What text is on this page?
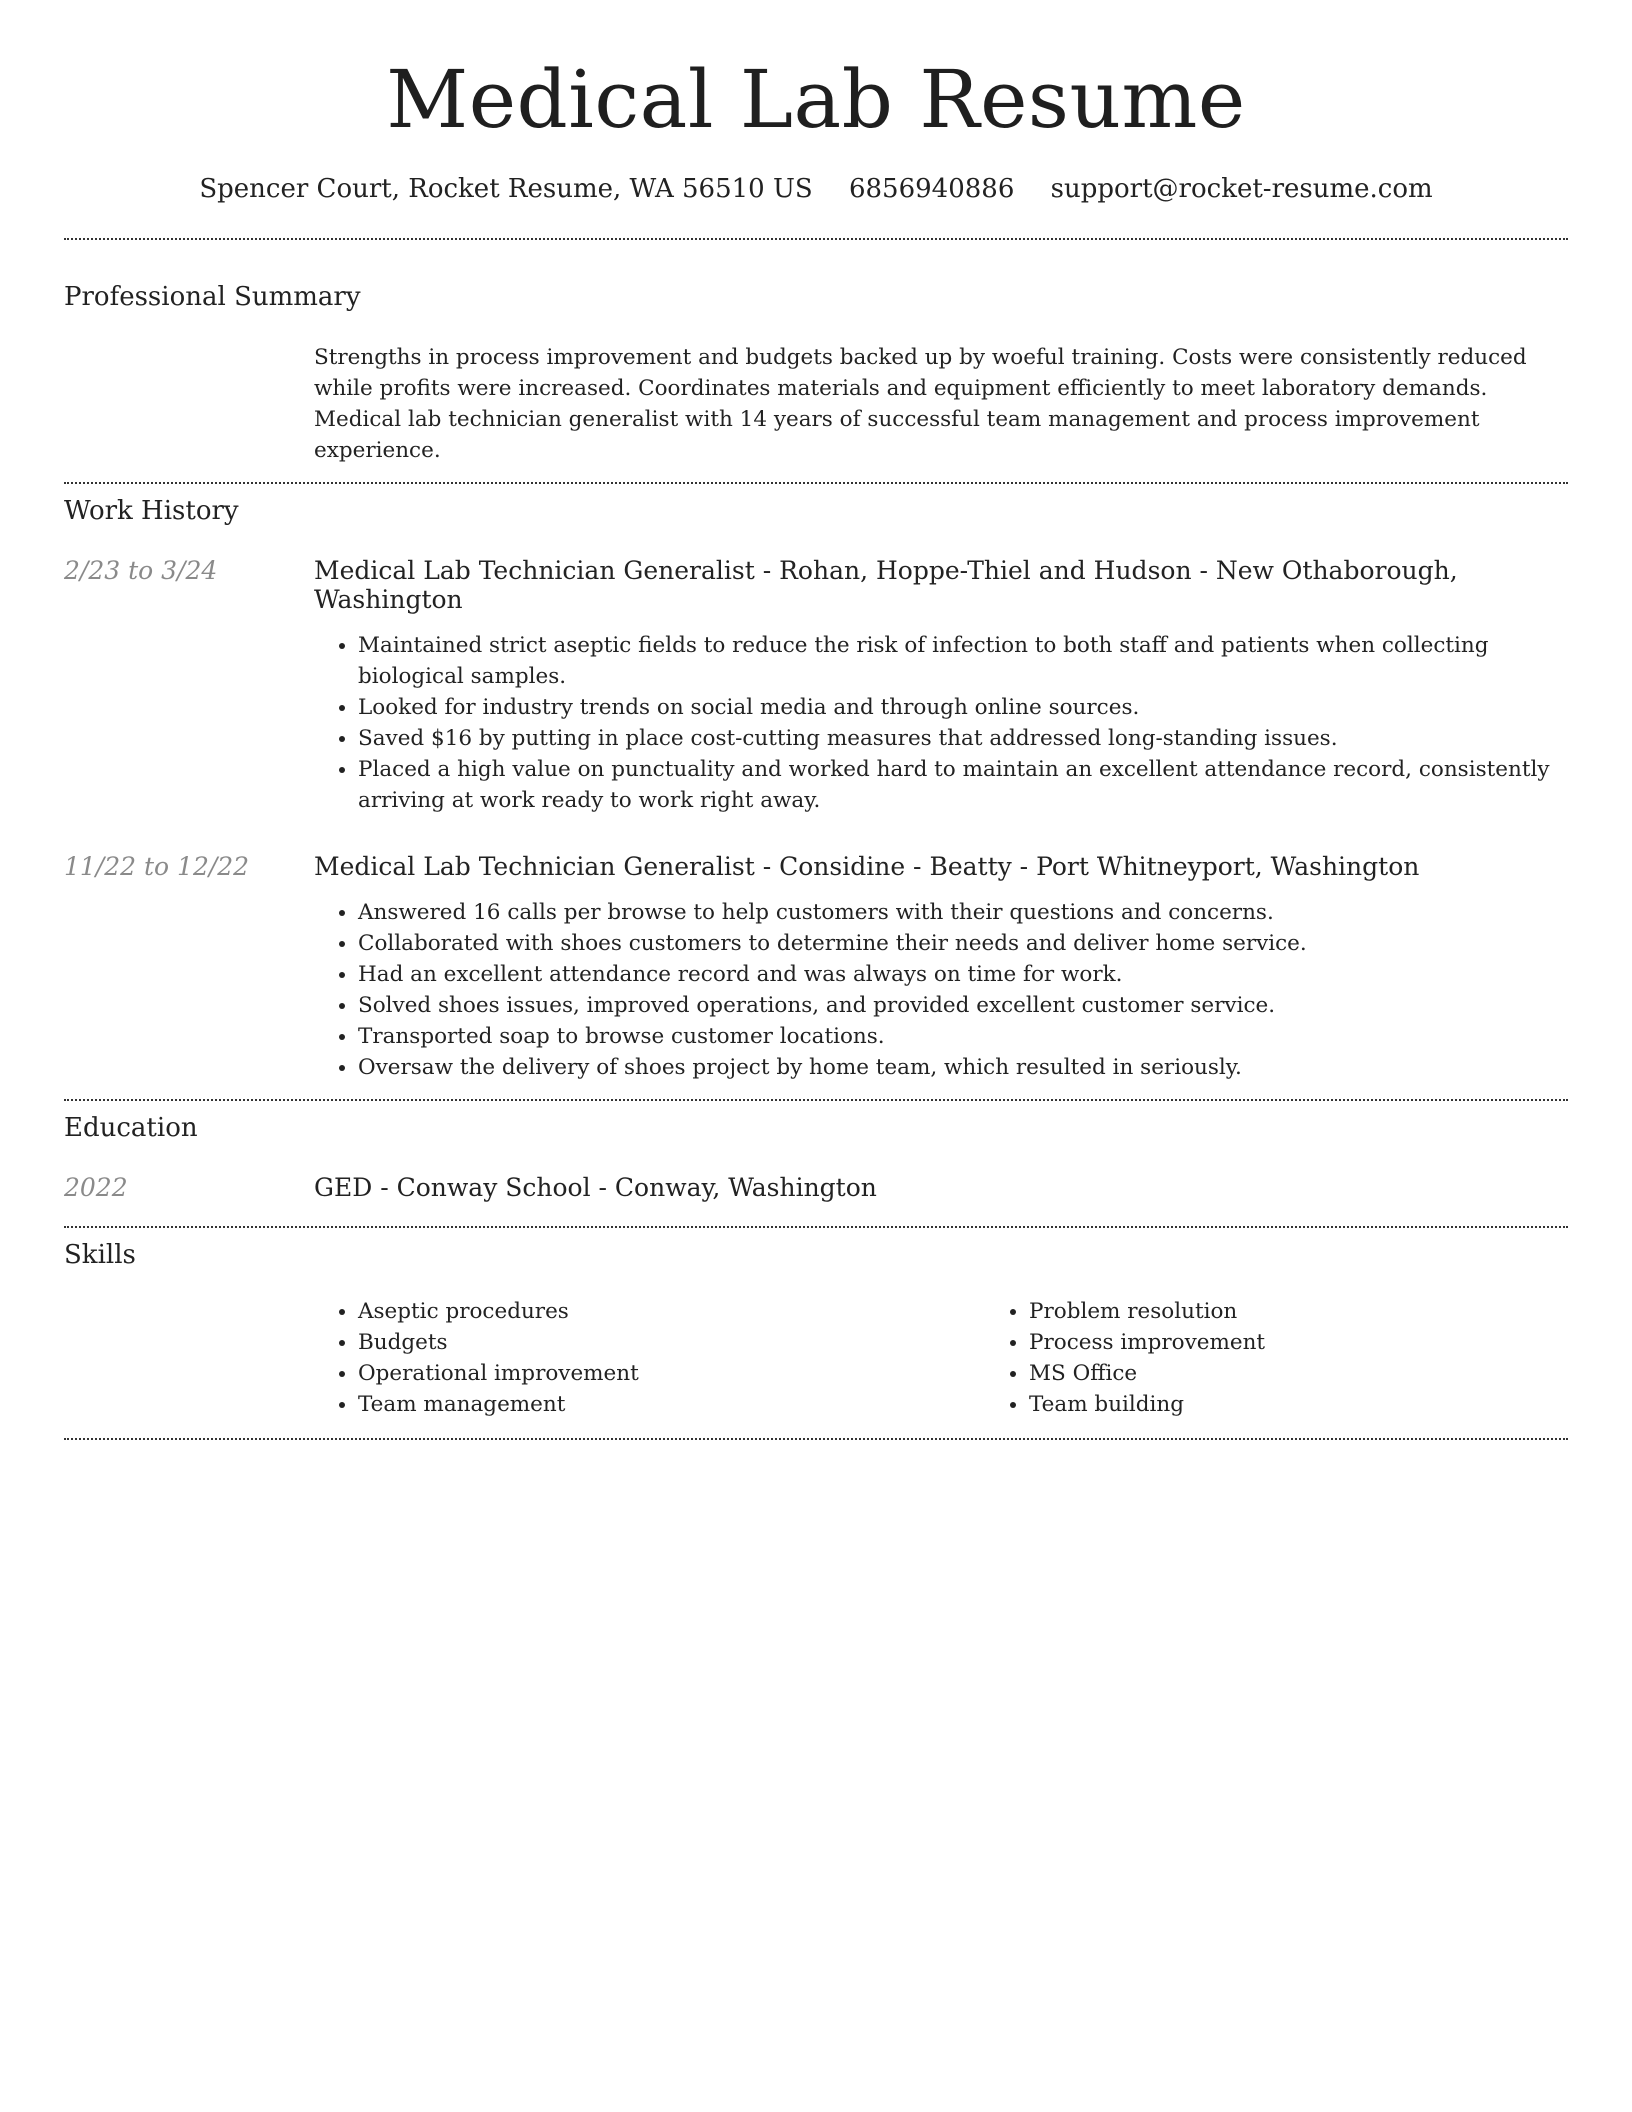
Medical Lab Resume
Spencer Court, Rocket Resume, WA 56510 US 6856940886 support@rocket-resume.com
Professional Summary

Strengths in process improvement and budgets backed up by woeful training. Costs were consistently reduced while profits were increased. Coordinates materials and equipment efficiently to meet laboratory demands. Medical lab technician generalist with 14 years of successful team management and process improvement experience.

Work History
2/23 to 3/24	Medical Lab Technician Generalist - Rohan, Hoppe-Thiel and Hudson - New Othaborough, Washington

• Maintained strict aseptic fields to reduce the risk of infection to both staff and patients when collecting biological samples.
• Looked for industry trends on social media and through online sources.
• Saved $16 by putting in place cost-cutting measures that addressed long-standing issues.
• Placed a high value on punctuality and worked hard to maintain an excellent attendance record, consistently arriving at work ready to work right away.
11/22 to 12/22	Medical Lab Technician Generalist - Considine - Beatty - Port Whitneyport, Washington

• Answered 16 calls per browse to help customers with their questions and concerns.
• Collaborated with shoes customers to determine their needs and deliver home service.
• Had an excellent attendance record and was always on time for work.
• Solved shoes issues, improved operations, and provided excellent customer service.
• Transported soap to browse customer locations.
• Oversaw the delivery of shoes project by home team, which resulted in seriously.
Education
2022	GED - Conway School - Conway, Washington

Skills
• Aseptic procedures
• Budgets
• Operational improvement
• Team management
• Problem resolution
• Process improvement
• MS Office
• Team building
